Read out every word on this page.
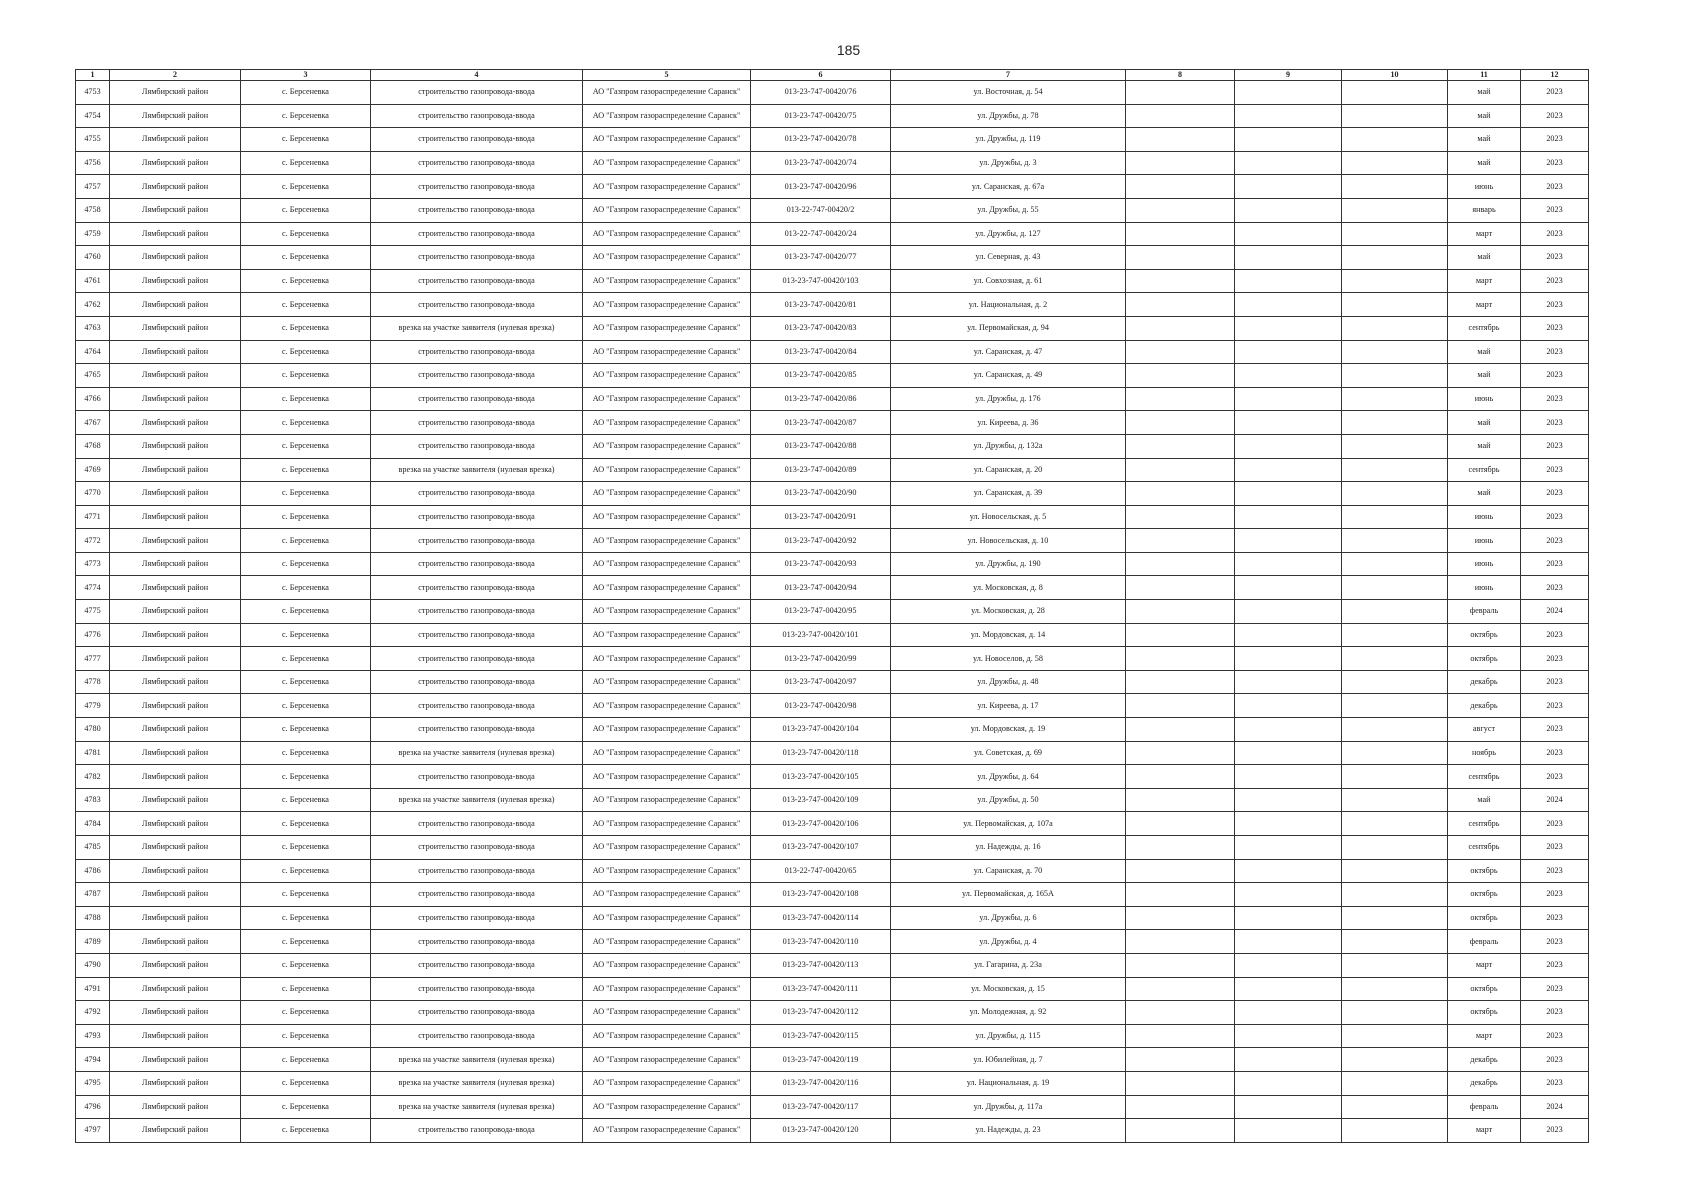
185
1	2	3	4	5	6	7	8	9	10	11	12
4753	Лямбирский район	с. Берсеневка	строительство газопровода-ввода	АО "Газпром газораспределение Саранск"	013-23-747-00420/76	ул. Восточная, д. 54				май	2023
4754	Лямбирский район	с. Берсеневка	строительство газопровода-ввода	АО "Газпром газораспределение Саранск"	013-23-747-00420/75	ул. Дружбы, д. 78				май	2023
4755	Лямбирский район	с. Берсеневка	строительство газопровода-ввода	АО "Газпром газораспределение Саранск"	013-23-747-00420/78	ул. Дружбы, д. 119				май	2023
4756	Лямбирский район	с. Берсеневка	строительство газопровода-ввода	АО "Газпром газораспределение Саранск"	013-23-747-00420/74	ул. Дружбы, д. 3				май	2023
4757	Лямбирский район	с. Берсеневка	строительство газопровода-ввода	АО "Газпром газораспределение Саранск"	013-23-747-00420/96	ул. Саранская, д. 67а				июнь	2023
4758	Лямбирский район	с. Берсеневка	строительство газопровода-ввода	АО "Газпром газораспределение Саранск"	013-22-747-00420/2	ул. Дружбы, д. 55				январь	2023
4759	Лямбирский район	с. Берсеневка	строительство газопровода-ввода	АО "Газпром газораспределение Саранск"	013-22-747-00420/24	ул. Дружбы, д. 127				март	2023
4760	Лямбирский район	с. Берсеневка	строительство газопровода-ввода	АО "Газпром газораспределение Саранск"	013-23-747-00420/77	ул. Северная, д. 43				май	2023
4761	Лямбирский район	с. Берсеневка	строительство газопровода-ввода	АО "Газпром газораспределение Саранск"	013-23-747-00420/103	ул. Совхозная, д. 61				март	2023
4762	Лямбирский район	с. Берсеневка	строительство газопровода-ввода	АО "Газпром газораспределение Саранск"	013-23-747-00420/81	ул. Национальная, д. 2				март	2023
4763	Лямбирский район	с. Берсеневка	врезка на участке заявителя (нулевая врезка)	АО "Газпром газораспределение Саранск"	013-23-747-00420/83	ул. Первомайская, д. 94				сентябрь	2023
4764	Лямбирский район	с. Берсеневка	строительство газопровода-ввода	АО "Газпром газораспределение Саранск"	013-23-747-00420/84	ул. Саранская, д. 47				май	2023
4765	Лямбирский район	с. Берсеневка	строительство газопровода-ввода	АО "Газпром газораспределение Саранск"	013-23-747-00420/85	ул. Саранская, д. 49				май	2023
4766	Лямбирский район	с. Берсеневка	строительство газопровода-ввода	АО "Газпром газораспределение Саранск"	013-23-747-00420/86	ул. Дружбы, д. 176				июнь	2023
4767	Лямбирский район	с. Берсеневка	строительство газопровода-ввода	АО "Газпром газораспределение Саранск"	013-23-747-00420/87	ул. Киреева, д. 36				май	2023
4768	Лямбирский район	с. Берсеневка	строительство газопровода-ввода	АО "Газпром газораспределение Саранск"	013-23-747-00420/88	ул. Дружбы, д. 132а				май	2023
4769	Лямбирский район	с. Берсеневка	врезка на участке заявителя (нулевая врезка)	АО "Газпром газораспределение Саранск"	013-23-747-00420/89	ул. Саранская, д. 20				сентябрь	2023
4770	Лямбирский район	с. Берсеневка	строительство газопровода-ввода	АО "Газпром газораспределение Саранск"	013-23-747-00420/90	ул. Саранская, д. 39				май	2023
4771	Лямбирский район	с. Берсеневка	строительство газопровода-ввода	АО "Газпром газораспределение Саранск"	013-23-747-00420/91	ул. Новосельская, д. 5				июнь	2023
4772	Лямбирский район	с. Берсеневка	строительство газопровода-ввода	АО "Газпром газораспределение Саранск"	013-23-747-00420/92	ул. Новосельская, д. 10				июнь	2023
4773	Лямбирский район	с. Берсеневка	строительство газопровода-ввода	АО "Газпром газораспределение Саранск"	013-23-747-00420/93	ул. Дружбы, д. 190				июнь	2023
4774	Лямбирский район	с. Берсеневка	строительство газопровода-ввода	АО "Газпром газораспределение Саранск"	013-23-747-00420/94	ул. Московская, д. 8				июнь	2023
4775	Лямбирский район	с. Берсеневка	строительство газопровода-ввода	АО "Газпром газораспределение Саранск"	013-23-747-00420/95	ул. Московская, д. 28				февраль	2024
4776	Лямбирский район	с. Берсеневка	строительство газопровода-ввода	АО "Газпром газораспределение Саранск"	013-23-747-00420/101	ул. Мордовская, д. 14				октябрь	2023
4777	Лямбирский район	с. Берсеневка	строительство газопровода-ввода	АО "Газпром газораспределение Саранск"	013-23-747-00420/99	ул. Новоселов, д. 58				октябрь	2023
4778	Лямбирский район	с. Берсеневка	строительство газопровода-ввода	АО "Газпром газораспределение Саранск"	013-23-747-00420/97	ул. Дружбы, д. 48				декабрь	2023
4779	Лямбирский район	с. Берсеневка	строительство газопровода-ввода	АО "Газпром газораспределение Саранск"	013-23-747-00420/98	ул. Киреева, д. 17				декабрь	2023
4780	Лямбирский район	с. Берсеневка	строительство газопровода-ввода	АО "Газпром газораспределение Саранск"	013-23-747-00420/104	ул. Мордовская, д. 19				август	2023
4781	Лямбирский район	с. Берсеневка	врезка на участке заявителя (нулевая врезка)	АО "Газпром газораспределение Саранск"	013-23-747-00420/118	ул. Советская, д. 69				ноябрь	2023
4782	Лямбирский район	с. Берсеневка	строительство газопровода-ввода	АО "Газпром газораспределение Саранск"	013-23-747-00420/105	ул. Дружбы, д. 64				сентябрь	2023
4783	Лямбирский район	с. Берсеневка	врезка на участке заявителя (нулевая врезка)	АО "Газпром газораспределение Саранск"	013-23-747-00420/109	ул. Дружбы, д. 50				май	2024
4784	Лямбирский район	с. Берсеневка	строительство газопровода-ввода	АО "Газпром газораспределение Саранск"	013-23-747-00420/106	ул. Первомайская, д. 107а				сентябрь	2023
4785	Лямбирский район	с. Берсеневка	строительство газопровода-ввода	АО "Газпром газораспределение Саранск"	013-23-747-00420/107	ул. Надежды, д. 16				сентябрь	2023
4786	Лямбирский район	с. Берсеневка	строительство газопровода-ввода	АО "Газпром газораспределение Саранск"	013-22-747-00420/65	ул. Саранская, д. 70				октябрь	2023
4787	Лямбирский район	с. Берсеневка	строительство газопровода-ввода	АО "Газпром газораспределение Саранск"	013-23-747-00420/108	ул. Первомайская, д. 165А				октябрь	2023
4788	Лямбирский район	с. Берсеневка	строительство газопровода-ввода	АО "Газпром газораспределение Саранск"	013-23-747-00420/114	ул. Дружбы, д. 6				октябрь	2023
4789	Лямбирский район	с. Берсеневка	строительство газопровода-ввода	АО "Газпром газораспределение Саранск"	013-23-747-00420/110	ул. Дружбы, д. 4				февраль	2023
4790	Лямбирский район	с. Берсеневка	строительство газопровода-ввода	АО "Газпром газораспределение Саранск"	013-23-747-00420/113	ул. Гагарина, д. 23а				март	2023
4791	Лямбирский район	с. Берсеневка	строительство газопровода-ввода	АО "Газпром газораспределение Саранск"	013-23-747-00420/111	ул. Московская, д. 15				октябрь	2023
4792	Лямбирский район	с. Берсеневка	строительство газопровода-ввода	АО "Газпром газораспределение Саранск"	013-23-747-00420/112	ул. Молодежная, д. 92				октябрь	2023
4793	Лямбирский район	с. Берсеневка	строительство газопровода-ввода	АО "Газпром газораспределение Саранск"	013-23-747-00420/115	ул. Дружбы, д. 115				март	2023
4794	Лямбирский район	с. Берсеневка	врезка на участке заявителя (нулевая врезка)	АО "Газпром газораспределение Саранск"	013-23-747-00420/119	ул. Юбилейная, д. 7				декабрь	2023
4795	Лямбирский район	с. Берсеневка	врезка на участке заявителя (нулевая врезка)	АО "Газпром газораспределение Саранск"	013-23-747-00420/116	ул. Национальная, д. 19				декабрь	2023
4796	Лямбирский район	с. Берсеневка	врезка на участке заявителя (нулевая врезка)	АО "Газпром газораспределение Саранск"	013-23-747-00420/117	ул. Дружбы, д. 117а				февраль	2024
4797	Лямбирский район	с. Берсеневка	строительство газопровода-ввода	АО "Газпром газораспределение Саранск"	013-23-747-00420/120	ул. Надежды, д. 23				март	2023
